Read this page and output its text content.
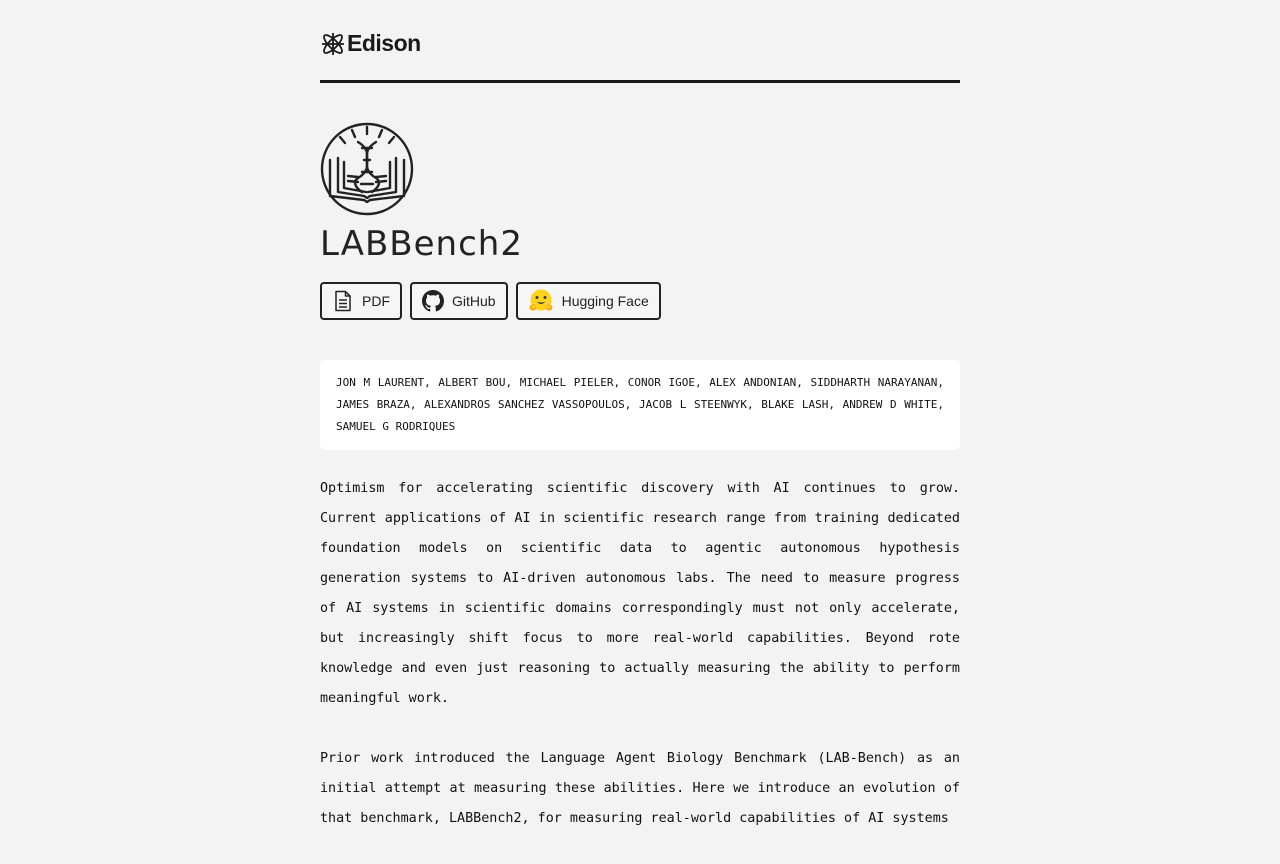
Edison
LABBench2
PDF	GitHub	Hugging Face
JON M LAURENT, ALBERT BOU, MICHAEL PIELER, CONOR IGOE, ALEX ANDONIAN, SIDDHARTH NARAYANAN, JAMES BRAZA, ALEXANDROS SANCHEZ VASSOPOULOS, JACOB L STEENWYK, BLAKE LASH, ANDREW D WHITE, SAMUEL G RODRIQUES

Optimism for accelerating scientific discovery with AI continues to grow. Current applications of AI in scientific research range from training dedicated foundation models on scientific data to agentic autonomous hypothesis generation systems to AI-driven autonomous labs. The need to measure progress of AI systems in scientific domains correspondingly must not only accelerate, but increasingly shift focus to more real-world capabilities. Beyond rote knowledge and even just reasoning to actually measuring the ability to perform meaningful work.

Prior work introduced the Language Agent Biology Benchmark (LAB-Bench) as an initial attempt at measuring these abilities. Here we introduce an evolution of that benchmark, LABBench2, for measuring real-world capabilities of AI systems
